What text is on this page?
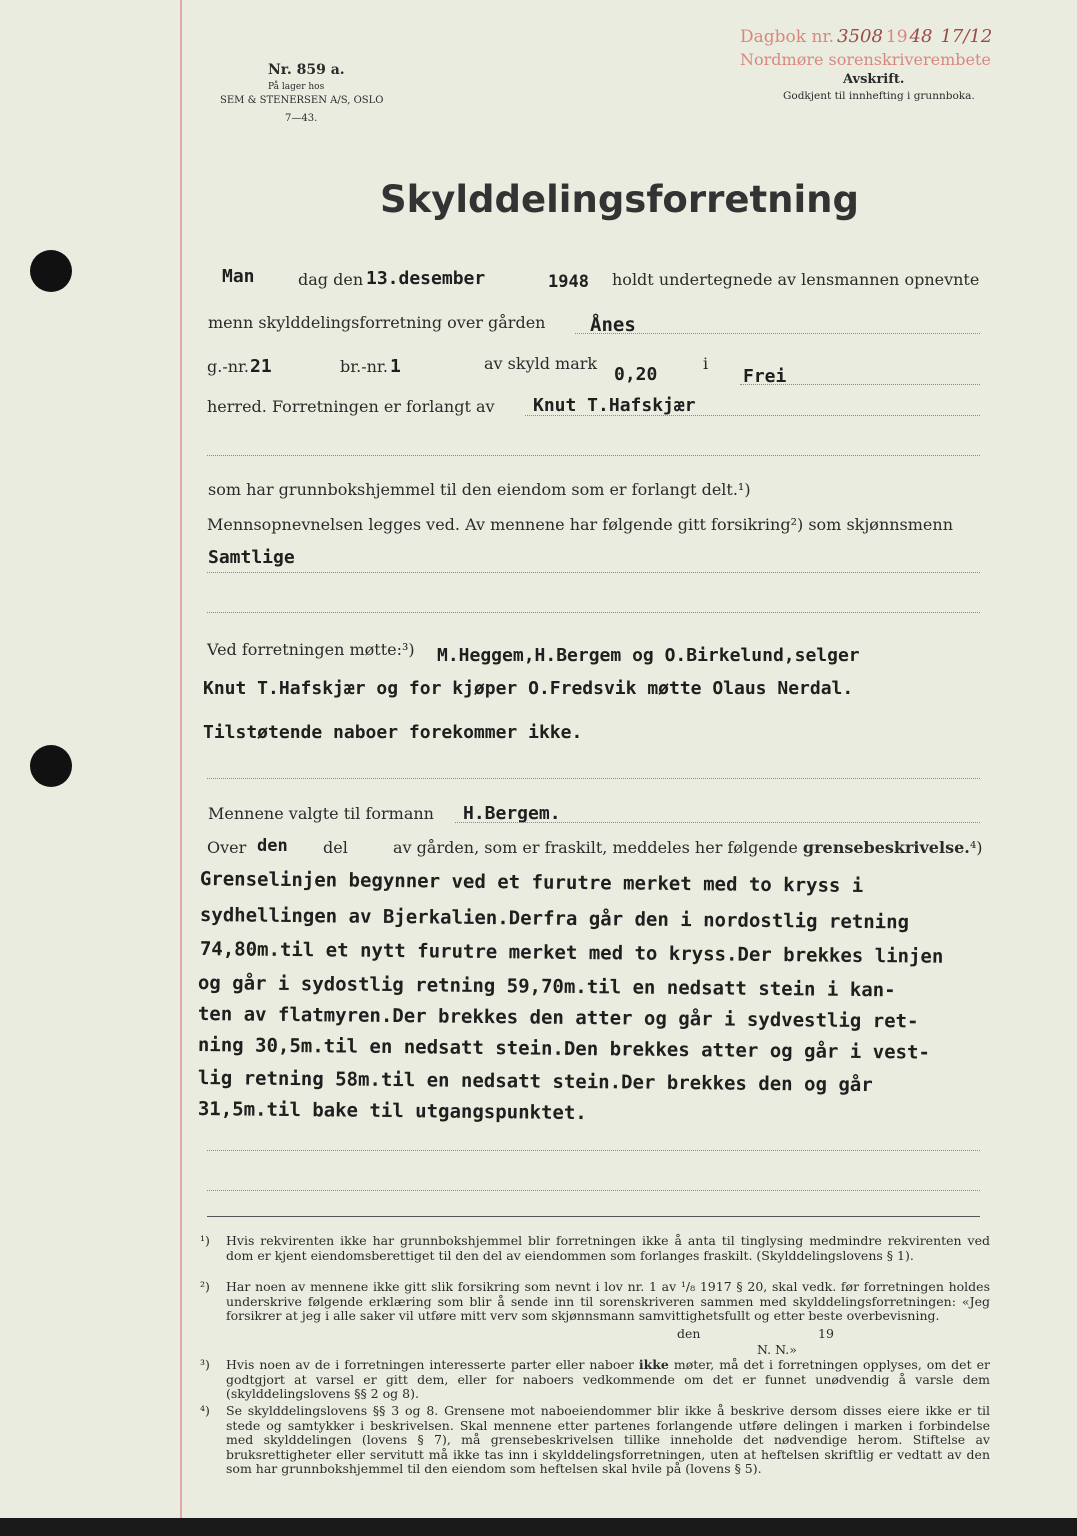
Nr. 859 a.
På lager hos
SEM & STENERSEN A/S, OSLO
7—43.
Dagbok nr. 3508 19 48 17/12
Nordmøre sorenskriverembete
Avskrift.
Godkjent til innhefting i grunnboka.
Skylddelingsforretning
Man	dag den 13.desember	1948 holdt undertegnede av lensmannen opnevnte
menn skylddelingsforretning over gården Ånes
g.-nr. 21	br.-nr. 1	av skyld mark
0,20
i
Frei
herred. Forretningen er forlangt av Knut T.Hafskjær
som har grunnbokshjemmel til den eiendom som er forlangt delt.¹)
Mennsopnevnelsen legges ved. Av mennene har følgende gitt forsikring²) som skjønnsmenn
Samtlige
Ved forretningen møtte:³) M.Heggem,H.Bergem og O.Birkelund,selger
Knut T.Hafskjær og for kjøper O.Fredsvik møtte Olaus Nerdal.
Tilstøtende naboer forekommer ikke.
Mennene valgte til formann H.Bergem.
Over den del	av gården, som er fraskilt, meddeles her følgende grensebeskrivelse.⁴)
Grenselinjen begynner ved et furutre merket med to kryss i
sydhellingen av Bjerkalien.Derfra går den i nordostlig retning
74,80m.til et nytt furutre merket med to kryss.Der brekkes linjen
og går i sydostlig retning 59,70m.til en nedsatt stein i kan-
ten av flatmyren.Der brekkes den atter og går i sydvestlig ret-
ning 30,5m.til en nedsatt stein.Den brekkes atter og går i vest-
lig retning 58m.til en nedsatt stein.Der brekkes den og går
31,5m.til bake til utgangspunktet.
¹) Hvis rekvirenten ikke har grunnbokshjemmel blir forretningen ikke å anta til tinglysing medmindre rekvirenten ved dom er kjent eiendomsberettiget til den del av eiendommen som forlanges fraskilt. (Skylddelingslovens § 1).
²) Har noen av mennene ikke gitt slik forsikring som nevnt i lov nr. 1 av ¹/₈ 1917 § 20, skal vedk. før forretningen holdes underskrive følgende erklæring som blir å sende inn til sorenskriveren sammen med skylddelingsforretningen: «Jeg forsikrer at jeg i alle saker vil utføre mitt verv som skjønnsmann samvittighetsfullt og etter beste overbevisning.
den	19
N. N.»
³) Hvis noen av de i forretningen interesserte parter eller naboer ikke møter, må det i forretningen opplyses, om det er godtgjort at varsel er gitt dem, eller for naboers vedkommende om det er funnet unødvendig å varsle dem (skylddelingslovens §§ 2 og 8).
⁴) Se skylddelingslovens §§ 3 og 8. Grensene mot naboeiendommer blir ikke å beskrive dersom disses eiere ikke er til stede og samtykker i beskrivelsen. Skal mennene etter partenes forlangende utføre delingen i marken i forbindelse med skylddelingen (lovens § 7), må grensebeskrivelsen tillike inneholde det nødvendige herom. Stiftelse av bruksrettigheter eller servitutt må ikke tas inn i skylddelingsforretningen, uten at heftelsen skriftlig er vedtatt av den som har grunnbokshjemmel til den eiendom som heftelsen skal hvile på (lovens § 5).
